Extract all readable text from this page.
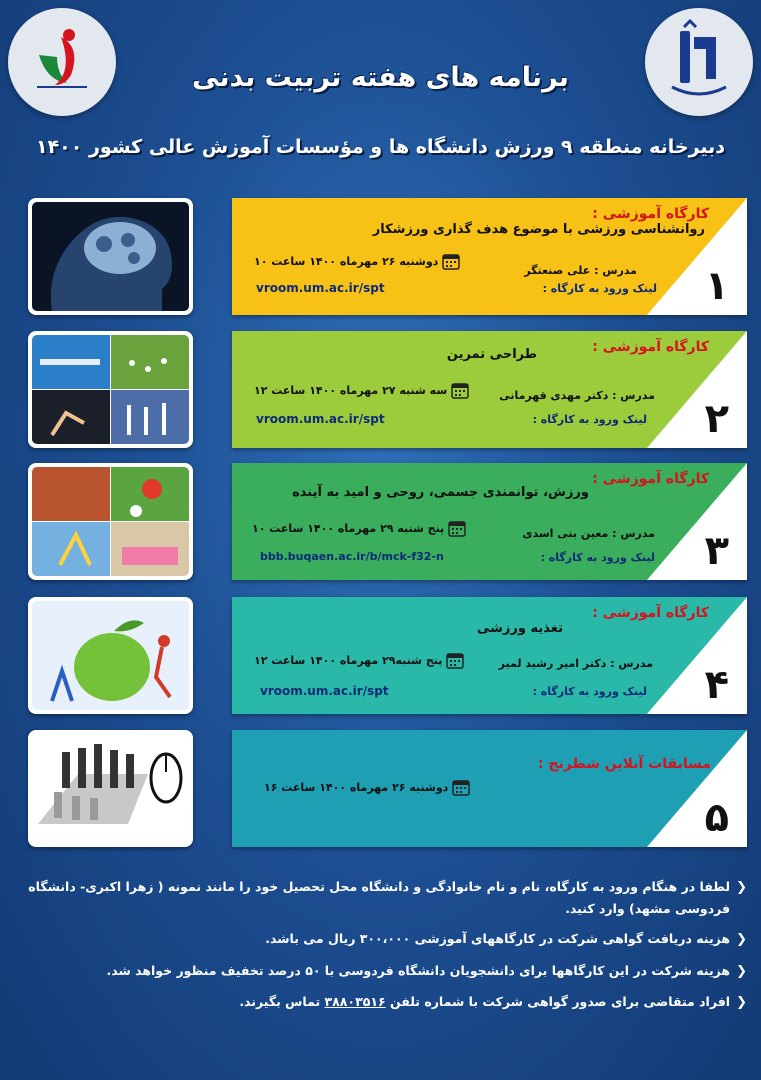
برنامه های هفته تربیت بدنی
دبیرخانه منطقه ۹ ورزش دانشگاه ها و مؤسسات آموزش عالی کشور ۱۴۰۰
۱
کارگاه آموزشی :
روانشناسی ورزشی با موضوع هدف گذاری ورزشکار
دوشنبه ۲۶ مهرماه ۱۴۰۰ ساعت ۱۰
مدرس : علی صنعتگر
لینک ورود به کارگاه :
vroom.um.ac.ir/spt
۲
کارگاه آموزشی :
طراحی تمرین
مدرس : دکتر مهدی قهرمانی
سه شنبه ۲۷ مهرماه ۱۴۰۰ ساعت ۱۲
لینک ورود به کارگاه :
vroom.um.ac.ir/spt
۳
کارگاه آموزشی :
ورزش، توانمندی جسمی، روحی و امید به آینده
مدرس : معین بنی اسدی
پنج شنبه ۲۹ مهرماه ۱۴۰۰ ساعت ۱۰
لینک ورود به کارگاه :
bbb.buqaen.ac.ir/b/mck-f32-n
۴
کارگاه آموزشی :
تغذیه ورزشی
مدرس : دکتر امیر رشید لمیر
پنج شنبه۲۹ مهرماه ۱۴۰۰ ساعت ۱۲
لینک ورود به کارگاه :
vroom.um.ac.ir/spt
۵
مسابقات آنلاین شطرنج :
دوشنبه ۲۶ مهرماه ۱۴۰۰ ساعت ۱۶
❮
لطفا در هنگام ورود به کارگاه، نام و نام خانوادگی و دانشگاه محل تحصیل خود را مانند نمونه ( زهرا اکبری- دانشگاه فردوسی مشهد) وارد کنید.
❮
هزینه دریافت گواهی شرکت در کارگاههای آموزشی ۳۰۰،۰۰۰ ریال می باشد.
❮
هزینه شرکت در این کارگاهها برای دانشجویان دانشگاه فردوسی با ۵۰ درصد تخفیف منظور خواهد شد.
❮
افراد متقاضی برای صدور گواهی شرکت با شماره تلفن ۳۸۸۰۳۵۱۶ تماس بگیرند.
